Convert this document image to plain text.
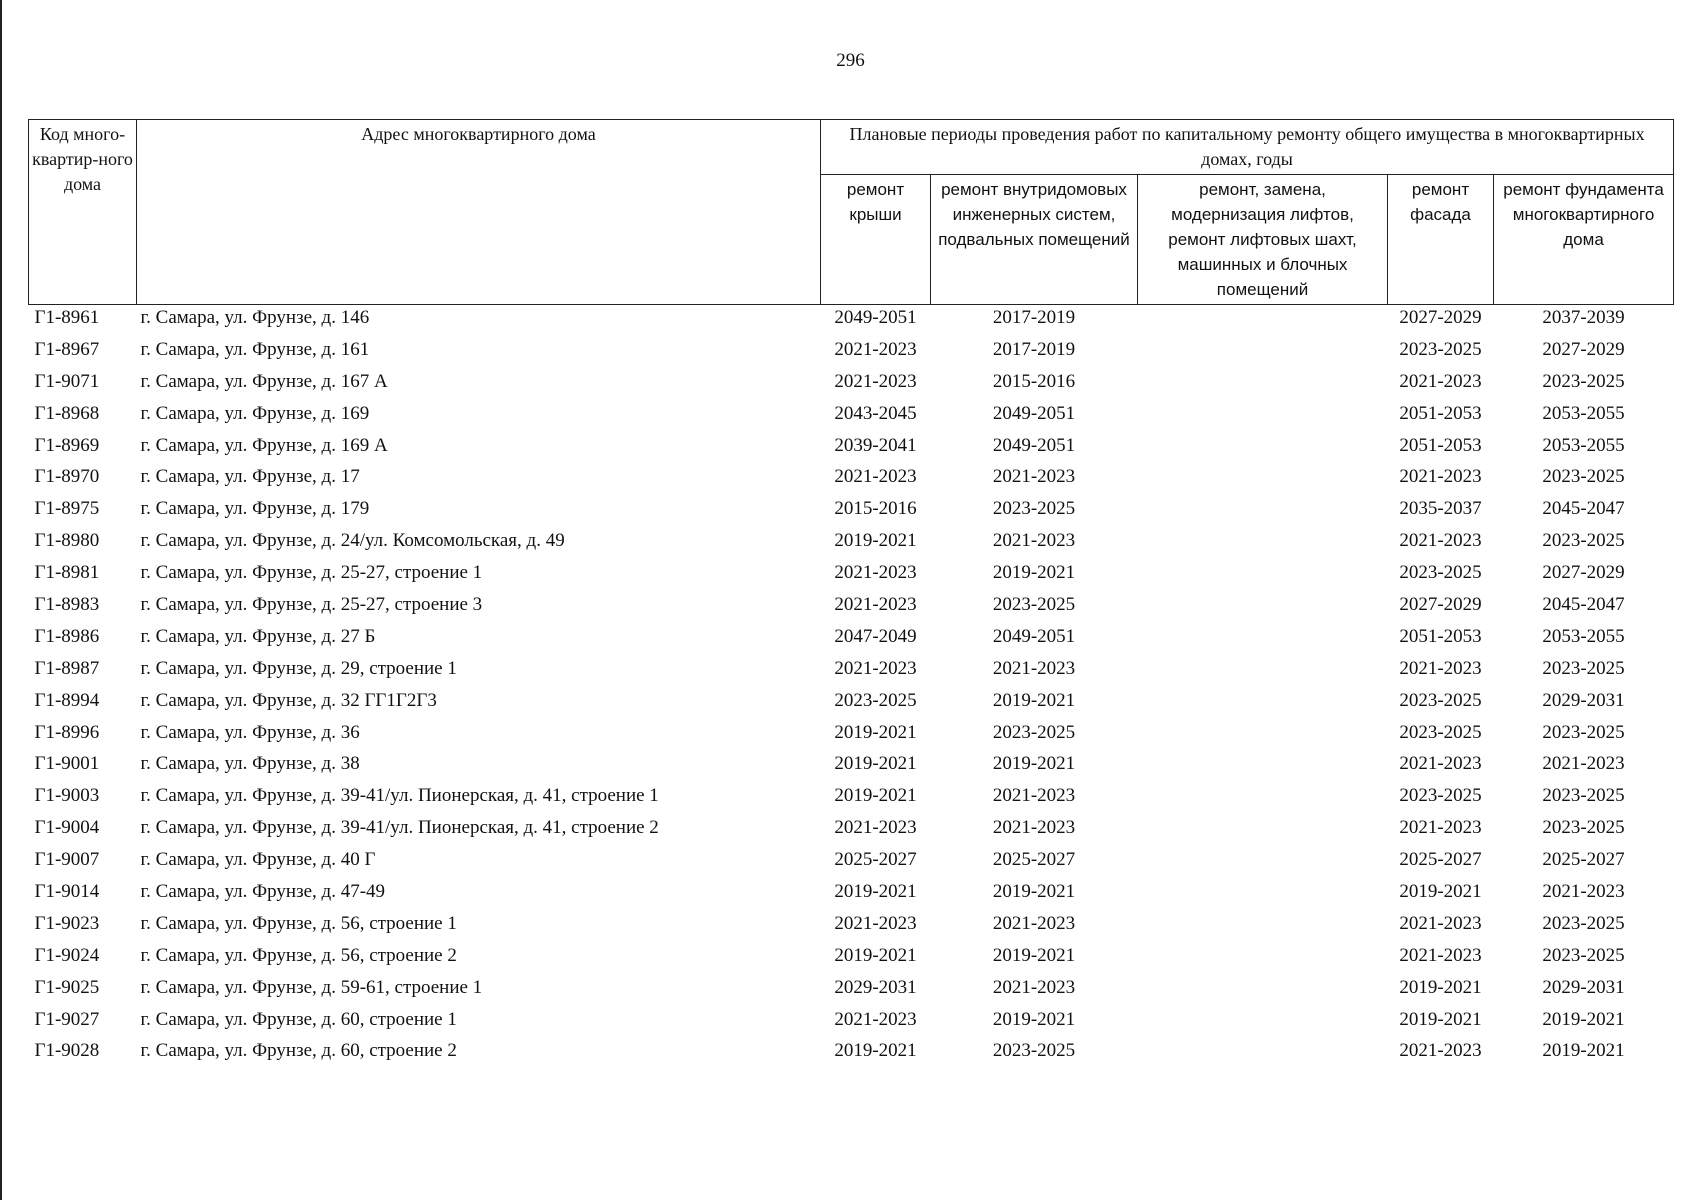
296
Код много-квартир-ного дома	Адрес многоквартирного дома	Плановые периоды проведения работ по капитальному ремонту общего имущества в многоквартирных домах, годы				
		ремонт крыши	ремонт внутридомовых инженерных систем, подвальных помещений	ремонт, замена, модернизация лифтов, ремонт лифтовых шахт, машинных и блочных помещений	ремонт фасада	ремонт фундамента многоквартирного дома
Г1-8961	г. Самара, ул. Фрунзе, д. 146	2049-2051	2017-2019		2027-2029	2037-2039
Г1-8967	г. Самара, ул. Фрунзе, д. 161	2021-2023	2017-2019		2023-2025	2027-2029
Г1-9071	г. Самара, ул. Фрунзе, д. 167 А	2021-2023	2015-2016		2021-2023	2023-2025
Г1-8968	г. Самара, ул. Фрунзе, д. 169	2043-2045	2049-2051		2051-2053	2053-2055
Г1-8969	г. Самара, ул. Фрунзе, д. 169 А	2039-2041	2049-2051		2051-2053	2053-2055
Г1-8970	г. Самара, ул. Фрунзе, д. 17	2021-2023	2021-2023		2021-2023	2023-2025
Г1-8975	г. Самара, ул. Фрунзе, д. 179	2015-2016	2023-2025		2035-2037	2045-2047
Г1-8980	г. Самара, ул. Фрунзе, д. 24/ул. Комсомольская, д. 49	2019-2021	2021-2023		2021-2023	2023-2025
Г1-8981	г. Самара, ул. Фрунзе, д. 25-27, строение 1	2021-2023	2019-2021		2023-2025	2027-2029
Г1-8983	г. Самара, ул. Фрунзе, д. 25-27, строение 3	2021-2023	2023-2025		2027-2029	2045-2047
Г1-8986	г. Самара, ул. Фрунзе, д. 27 Б	2047-2049	2049-2051		2051-2053	2053-2055
Г1-8987	г. Самара, ул. Фрунзе, д. 29, строение 1	2021-2023	2021-2023		2021-2023	2023-2025
Г1-8994	г. Самара, ул. Фрунзе, д. 32 ГГ1Г2Г3	2023-2025	2019-2021		2023-2025	2029-2031
Г1-8996	г. Самара, ул. Фрунзе, д. 36	2019-2021	2023-2025		2023-2025	2023-2025
Г1-9001	г. Самара, ул. Фрунзе, д. 38	2019-2021	2019-2021		2021-2023	2021-2023
Г1-9003	г. Самара, ул. Фрунзе, д. 39-41/ул. Пионерская, д. 41, строение 1	2019-2021	2021-2023		2023-2025	2023-2025
Г1-9004	г. Самара, ул. Фрунзе, д. 39-41/ул. Пионерская, д. 41, строение 2	2021-2023	2021-2023		2021-2023	2023-2025
Г1-9007	г. Самара, ул. Фрунзе, д. 40 Г	2025-2027	2025-2027		2025-2027	2025-2027
Г1-9014	г. Самара, ул. Фрунзе, д. 47-49	2019-2021	2019-2021		2019-2021	2021-2023
Г1-9023	г. Самара, ул. Фрунзе, д. 56, строение 1	2021-2023	2021-2023		2021-2023	2023-2025
Г1-9024	г. Самара, ул. Фрунзе, д. 56, строение 2	2019-2021	2019-2021		2021-2023	2023-2025
Г1-9025	г. Самара, ул. Фрунзе, д. 59-61, строение 1	2029-2031	2021-2023		2019-2021	2029-2031
Г1-9027	г. Самара, ул. Фрунзе, д. 60, строение 1	2021-2023	2019-2021		2019-2021	2019-2021
Г1-9028	г. Самара, ул. Фрунзе, д. 60, строение 2	2019-2021	2023-2025		2021-2023	2019-2021
